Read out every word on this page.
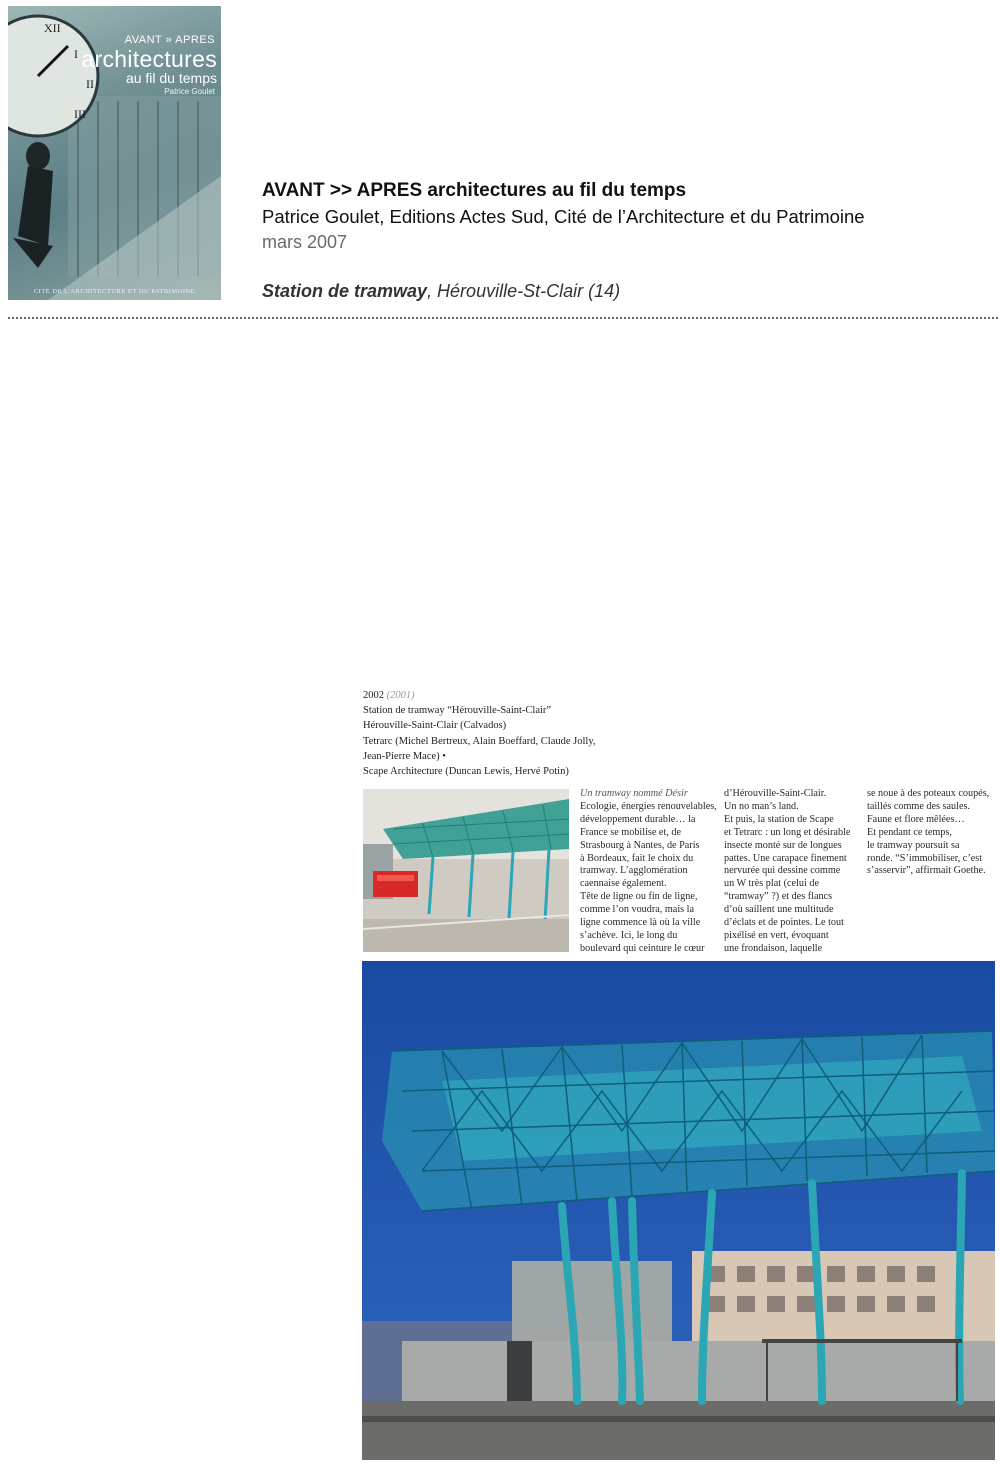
XII
I
II
III
AVANT » APRES
architectures
au fil du temps
Patrice Goulet
CITÉ DE L'ARCHITECTURE ET DU PATRIMOINE
AVANT >> APRES architectures au fil du temps
Patrice Goulet, Editions Actes Sud, Cité de l’Architecture et du Patrimoine
mars 2007
Station de tramway, Hérouville-St-Clair (14)
2002 (2001)
Station de tramway “Hérouville-Saint-Clair”
Hérouville-Saint-Clair (Calvados)
Tetrarc (Michel Bertreux, Alain Boeffard, Claude Jolly,
Jean-Pierre Mace) •
Scape Architecture (Duncan Lewis, Hervé Potin)
Un tramway nommé Désir
Ecologie, énergies renouvelables,
développement durable… la
France se mobilise et, de
Strasbourg à Nantes, de Paris
à Bordeaux, fait le choix du
tramway. L’agglomération
caennaise également.
Tête de ligne ou fin de ligne,
comme l’on voudra, mais la
ligne commence là où la ville
s’achève. Ici, le long du
boulevard qui ceinture le cœur
d’Hérouville-Saint-Clair.
Un no man’s land.
Et puis, la station de Scape
et Tetrarc : un long et désirable
insecte monté sur de longues
pattes. Une carapace finement
nervurée qui dessine comme
un W très plat (celui de
“tramway” ?) et des flancs
d’où saillent une multitude
d’éclats et de pointes. Le tout
pixélisé en vert, évoquant
une frondaison, laquelle
se noue à des poteaux coupés,
taillés comme des saules.
Faune et flore mêlées…
Et pendant ce temps,
le tramway poursuit sa
ronde. “S’immobiliser, c’est
s’asservir”, affirmait Goethe.
